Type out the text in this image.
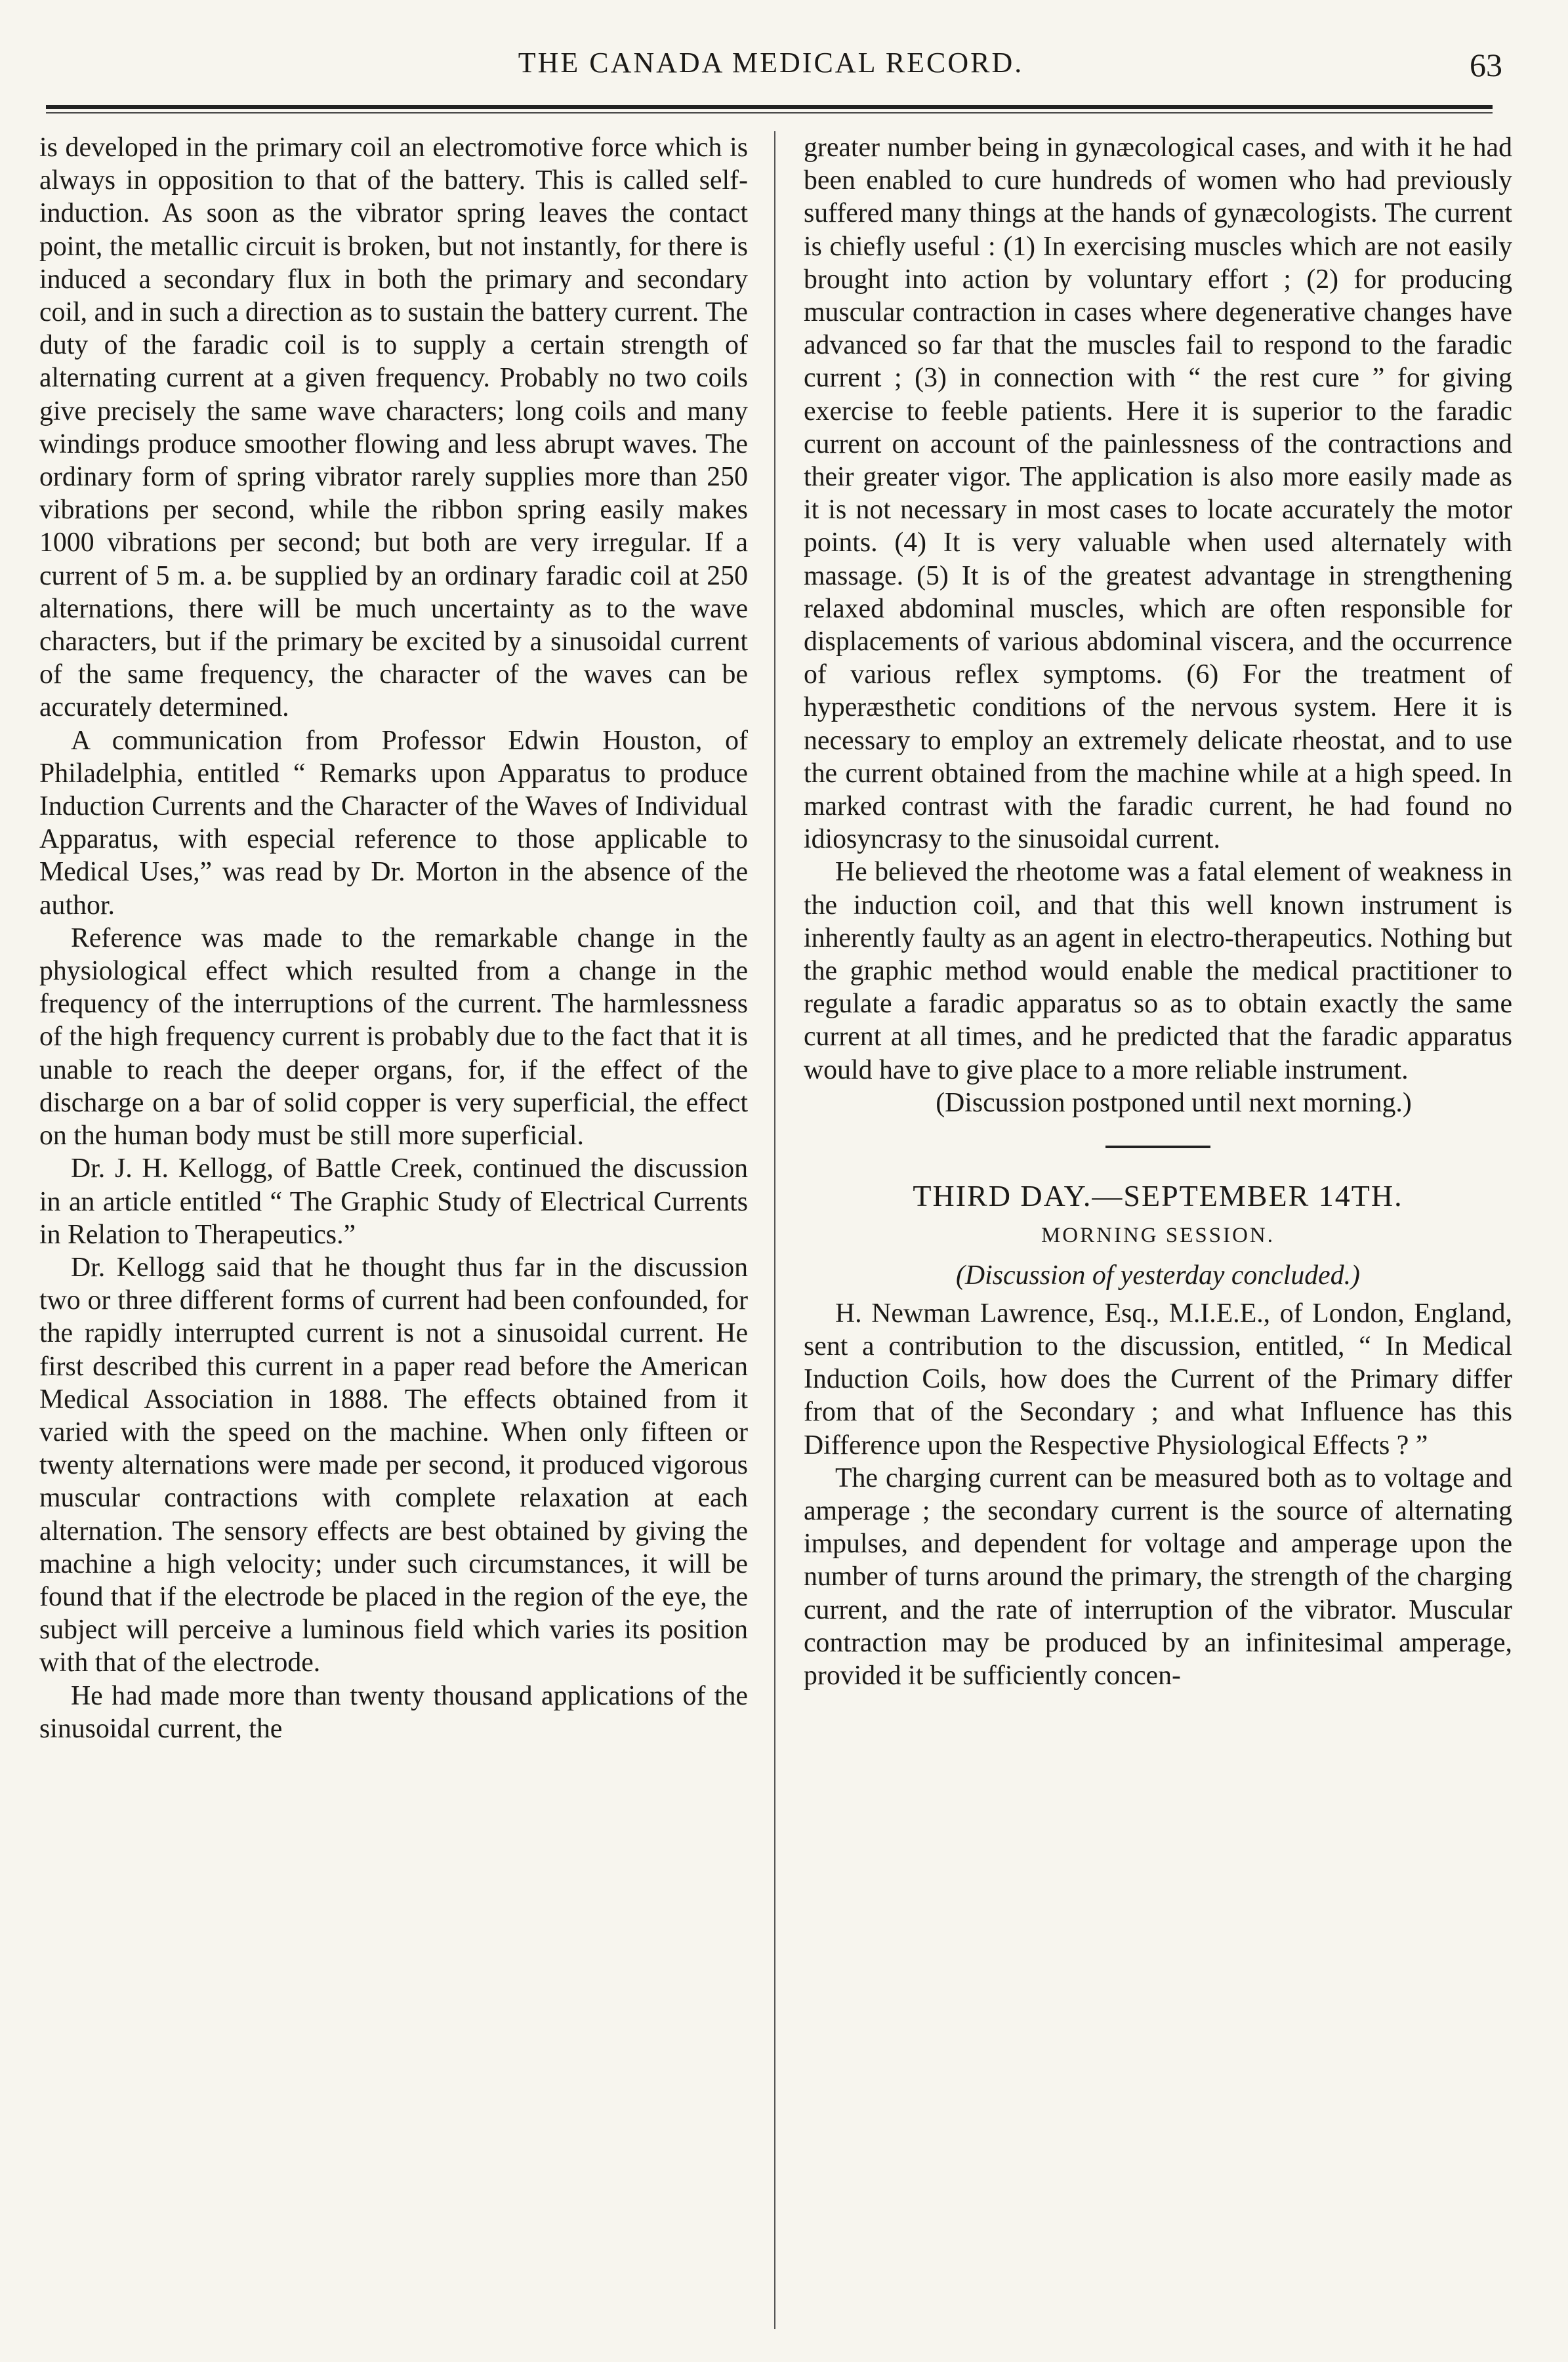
THE CANADA MEDICAL RECORD.	63

is developed in the primary coil an electromotive force which is always in opposition to that of the battery. This is called self-induction. As soon as the vibrator spring leaves the contact point, the metallic circuit is broken, but not instantly, for there is induced a secondary flux in both the primary and secondary coil, and in such a direction as to sustain the battery current. The duty of the faradic coil is to supply a certain strength of alternating current at a given frequency. Probably no two coils give precisely the same wave characters; long coils and many windings produce smoother flowing and less abrupt waves. The ordinary form of spring vibrator rarely supplies more than 250 vibrations per second, while the ribbon spring easily makes 1000 vibrations per second; but both are very irregular. If a current of 5 m. a. be supplied by an ordinary faradic coil at 250 alternations, there will be much uncertainty as to the wave characters, but if the primary be excited by a sinusoidal current of the same frequency, the character of the waves can be accurately determined.

A communication from Professor Edwin Houston, of Philadelphia, entitled “ Remarks upon Apparatus to produce Induction Currents and the Character of the Waves of Individual Apparatus, with especial reference to those applicable to Medical Uses,” was read by Dr. Morton in the absence of the author.

Reference was made to the remarkable change in the physiological effect which resulted from a change in the frequency of the interruptions of the current. The harmlessness of the high frequency current is probably due to the fact that it is unable to reach the deeper organs, for, if the effect of the discharge on a bar of solid copper is very superficial, the effect on the human body must be still more superficial.

Dr. J. H. Kellogg, of Battle Creek, continued the discussion in an article entitled “ The Graphic Study of Electrical Currents in Relation to Therapeutics.”

Dr. Kellogg said that he thought thus far in the discussion two or three different forms of current had been confounded, for the rapidly interrupted current is not a sinusoidal current. He first described this current in a paper read before the American Medical Association in 1888. The effects obtained from it varied with the speed on the machine. When only fifteen or twenty alternations were made per second, it produced vigorous muscular contractions with complete relaxation at each alternation. The sensory effects are best obtained by giving the machine a high velocity; under such circumstances, it will be found that if the electrode be placed in the region of the eye, the subject will perceive a luminous field which varies its position with that of the electrode.

He had made more than twenty thousand applications of the sinusoidal current, the

greater number being in gynæcological cases, and with it he had been enabled to cure hundreds of women who had previously suffered many things at the hands of gynæcologists. The current is chiefly useful : (1) In exercising muscles which are not easily brought into action by voluntary effort ; (2) for producing muscular contraction in cases where degenerative changes have advanced so far that the muscles fail to respond to the faradic current ; (3) in connection with “ the rest cure ” for giving exercise to feeble patients. Here it is superior to the faradic current on account of the painlessness of the contractions and their greater vigor. The application is also more easily made as it is not necessary in most cases to locate accurately the motor points. (4) It is very valuable when used alternately with massage. (5) It is of the greatest advantage in strengthening relaxed abdominal muscles, which are often responsible for displacements of various abdominal viscera, and the occurrence of various reflex symptoms. (6) For the treatment of hyperæsthetic conditions of the nervous system. Here it is necessary to employ an extremely delicate rheostat, and to use the current obtained from the machine while at a high speed. In marked contrast with the faradic current, he had found no idiosyncrasy to the sinusoidal current.

He believed the rheotome was a fatal element of weakness in the induction coil, and that this well known instrument is inherently faulty as an agent in electro-therapeutics. Nothing but the graphic method would enable the medical practitioner to regulate a faradic apparatus so as to obtain exactly the same current at all times, and he predicted that the faradic apparatus would have to give place to a more reliable instrument.

(Discussion postponed until next morning.)

THIRD DAY.—SEPTEMBER 14TH.
MORNING SESSION.
(Discussion of yesterday concluded.)

H. Newman Lawrence, Esq., M.I.E.E., of London, England, sent a contribution to the discussion, entitled, “ In Medical Induction Coils, how does the Current of the Primary differ from that of the Secondary ; and what Influence has this Difference upon the Respective Physiological Effects ? ”

The charging current can be measured both as to voltage and amperage ; the secondary current is the source of alternating impulses, and dependent for voltage and amperage upon the number of turns around the primary, the strength of the charging current, and the rate of interruption of the vibrator. Muscular contraction may be produced by an infinitesimal amperage, provided it be sufficiently concen-
